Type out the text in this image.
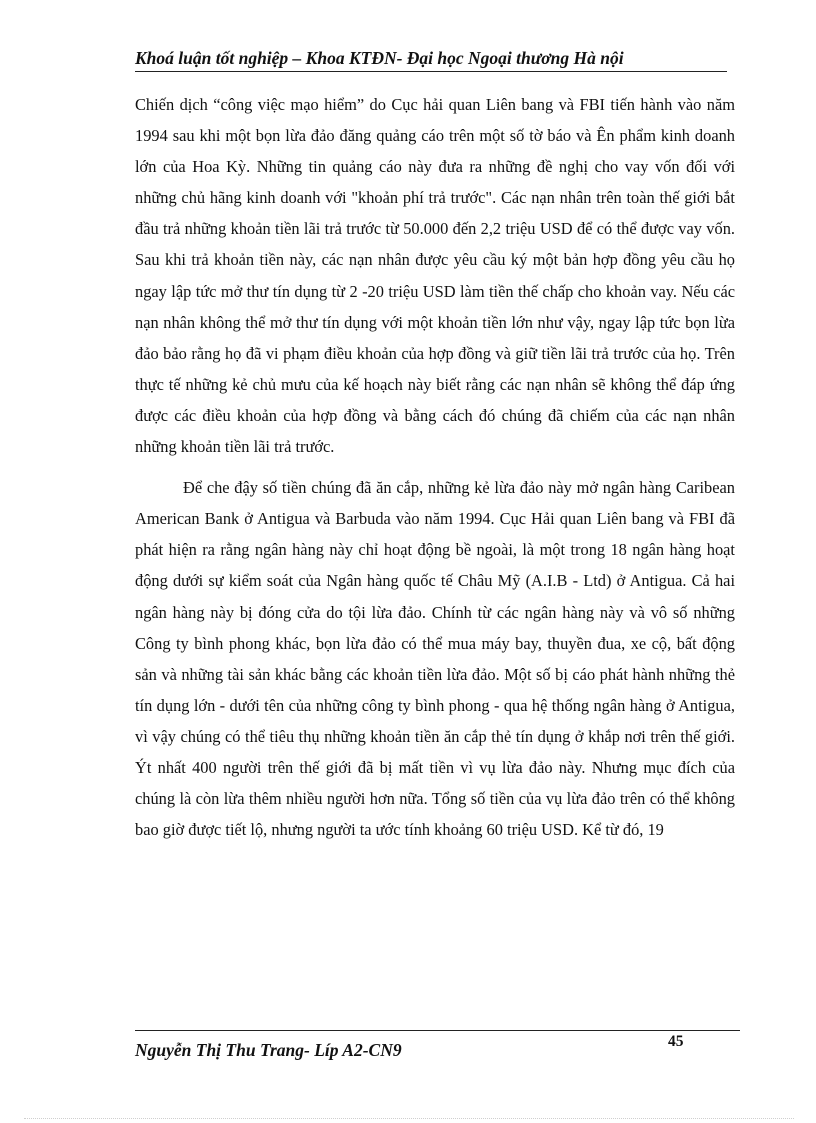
Khoá luận tốt nghiệp – Khoa KTĐN- Đại học Ngoại thương Hà nội

Chiến dịch “công việc mạo hiểm” do Cục hải quan Liên bang và FBI tiến hành vào năm 1994 sau khi một bọn lừa đảo đăng quảng cáo trên một số tờ báo và Ên phẩm kinh doanh lớn của Hoa Kỳ. Những tin quảng cáo này đưa ra những đề nghị cho vay vốn đối với những chủ hãng kinh doanh với "khoản phí trả trước". Các nạn nhân trên toàn thế giới bắt đầu trả những khoản tiền lãi trả trước từ 50.000 đến 2,2 triệu USD để có thể được vay vốn. Sau khi trả khoản tiền này, các nạn nhân được yêu cầu ký một bản hợp đồng yêu cầu họ ngay lập tức mở thư tín dụng từ 2 -20 triệu USD làm tiền thế chấp cho khoản vay. Nếu các nạn nhân không thể mở thư tín dụng với một khoản tiền lớn như vậy, ngay lập tức bọn lừa đảo bảo rằng họ đã vi phạm điều khoản của hợp đồng và giữ tiền lãi trả trước của họ. Trên thực tế những kẻ chủ mưu của kế hoạch này biết rằng các nạn nhân sẽ không thể đáp ứng được các điều khoản của hợp đồng và bằng cách đó chúng đã chiếm của các nạn nhân những khoản tiền lãi trả trước.

Để che đậy số tiền chúng đã ăn cắp, những kẻ lừa đảo này mở ngân hàng Caribean American Bank ở Antigua và Barbuda vào năm 1994. Cục Hải quan Liên bang và FBI đã phát hiện ra rằng ngân hàng này chỉ hoạt động bề ngoài, là một trong 18 ngân hàng hoạt động dưới sự kiểm soát của Ngân hàng quốc tế Châu Mỹ (A.I.B - Ltd) ở Antigua. Cả hai ngân hàng này bị đóng cửa do tội lừa đảo. Chính từ các ngân hàng này và vô số những Công ty bình phong khác, bọn lừa đảo có thể mua máy bay, thuyền đua, xe cộ, bất động sản và những tài sản khác bằng các khoản tiền lừa đảo. Một số bị cáo phát hành những thẻ tín dụng lớn - dưới tên của những công ty bình phong - qua hệ thống ngân hàng ở Antigua, vì vậy chúng có thể tiêu thụ những khoản tiền ăn cắp thẻ tín dụng ở khắp nơi trên thế giới. Ýt nhất 400 người trên thế giới đã bị mất tiền vì vụ lừa đảo này. Nhưng mục đích của chúng là còn lừa thêm nhiều người hơn nữa. Tổng số tiền của vụ lừa đảo trên có thể không bao giờ được tiết lộ, nhưng người ta ước tính khoảng 60 triệu USD. Kể từ đó, 19

Nguyễn Thị Thu Trang- Líp A2-CN9	45
